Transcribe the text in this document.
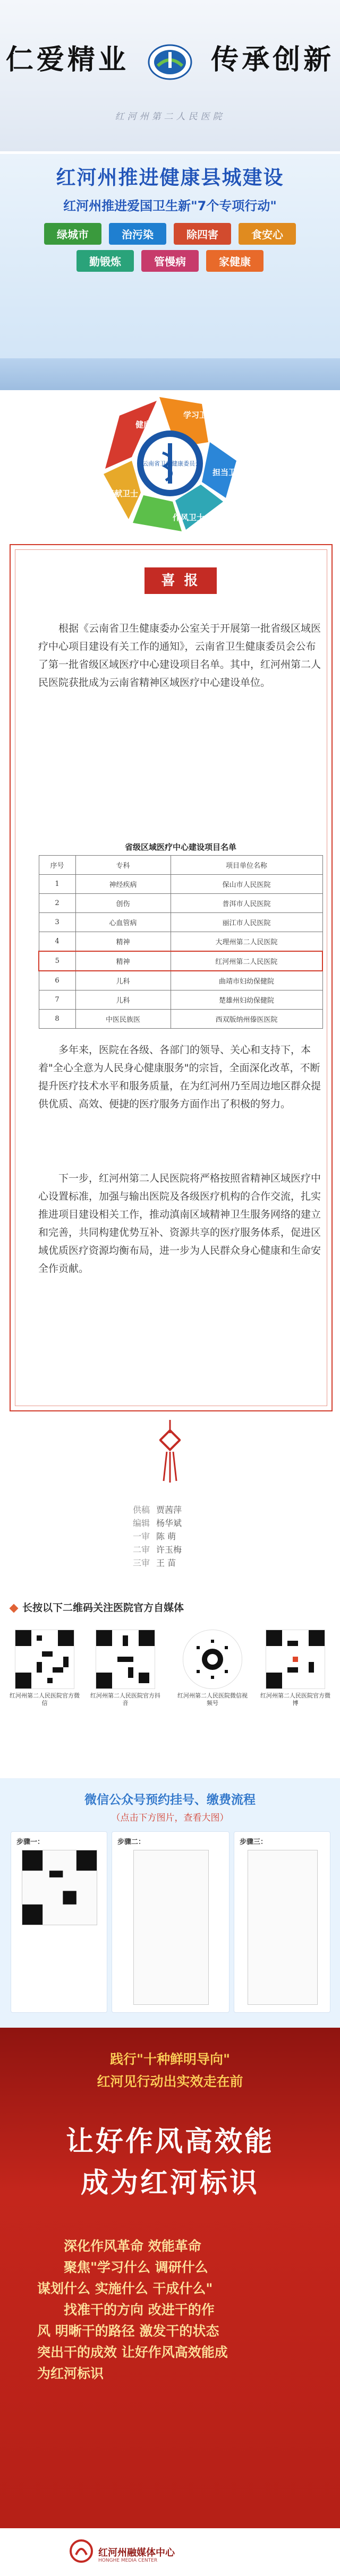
仁爱精业	传承创新
红河州第二人民医院
红河州推进健康县城建设
红河州推进爱国卫生新"7个专项行动"
绿城市	治污染	除四害	食安心
勤锻炼	管慢病	家健康
健康卫士
学习卫士
担当卫士
作风卫士
奉献卫士
云南省卫生健康委员会
喜 报
根据《云南省卫生健康委办公室关于开展第一批省级区域医疗中心项目建设有关工作的通知》，云南省卫生健康委员会公布了第一批省级区域医疗中心建设项目名单。其中，红河州第二人民医院获批成为云南省精神区域医疗中心建设单位。
省级区域医疗中心建设项目名单
序号	专科	项目单位名称
1	神经疾病	保山市人民医院
2	创伤	普洱市人民医院
3	心血管病	丽江市人民医院
4	精神	大理州第二人民医院
5	精神	红河州第二人民医院
6	儿科	曲靖市妇幼保健院
7	儿科	楚雄州妇幼保健院
8	中医民族医	西双版纳州傣医医院
多年来，医院在各级、各部门的领导、关心和支持下，本着"全心全意为人民身心健康服务"的宗旨，全面深化改革，不断提升医疗技术水平和服务质量，在为红河州乃至周边地区群众提供优质、高效、便捷的医疗服务方面作出了积极的努力。
下一步，红河州第二人民医院将严格按照省精神区域医疗中心设置标准，加强与输出医院及各级医疗机构的合作交流，扎实推进项目建设相关工作，推动滇南区域精神卫生服务网络的建立和完善，共同构建优势互补、资源共享的医疗服务体系，促进区域优质医疗资源均衡布局，进一步为人民群众身心健康和生命安全作贡献。
供稿 贾茜萍
编辑 杨华斌
一审 陈 萌
二审 许玉梅
三审 王 苗
长按以下二维码关注医院官方自媒体
红河州第二人民医院官方微信
红河州第二人民医院官方抖音
红河州第二人民医院微信视频号
红河州第二人民医院官方微博
微信公众号预约挂号、缴费流程
（点击下方图片，查看大图）
步骤一：	步骤二：	步骤三：
践行"十种鲜明导向"
红河见行动出实效走在前
让好作风高效能
成为红河标识
深化作风革命 效能革命
聚焦"学习什么 调研什么
谋划什么 实施什么 干成什么"
找准干的方向 改进干的作
风 明晰干的路径 激发干的状态
突出干的成效 让好作风高效能成
为红河标识
红河州融媒体中心
HONGHE MEDIA CENTER
